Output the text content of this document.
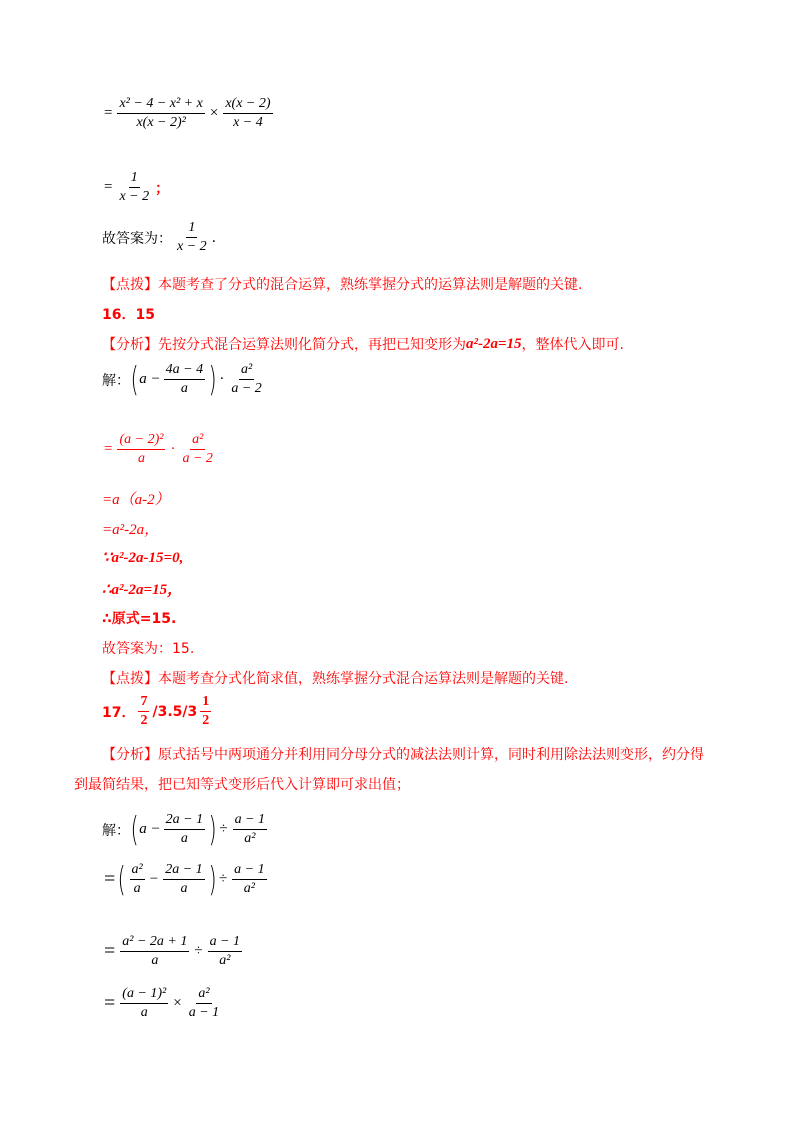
= $\frac{\text{x² − 4 − x² + x}}{\text{x(x − 2)²}} \times \frac{x(x - 2)}{x - 4}$
= $\frac{1}{x - 2}$ ；
故答案为： $\frac{1}{x - 2}$ .
【点拨】本题考查了分式的混合运算，熟练掌握分式的运算法则是解题的关键.
16．15
【分析】先按分式混合运算法则化简分式，再把已知变形为 a²-2a=15 ，整体代入即可.
解： ( $a - \frac{4a - 4}{a}$ ) · $\frac{\text{a²}}{a - 2}$
= $\frac{\text{(a − 2)²}}{a} \cdot \frac{\text{a²}}{a - 2}$
=a（a-2）
=a²-2a，
∵a²-2a-15=0,
∴a²-2a=15，
∴原式=15.
故答案为：15.
【点拨】本题考查分式化简求值，熟练掌握分式混合运算法则是解题的关键.
17． $\frac{7}{2} /3.5/3 \frac{1}{2}$
【分析】原式括号中两项通分并利用同分母分式的减法法则计算，同时利用除法法则变形，约分得到最简结果，把已知等式变形后代入计算即可求出值；
解： ( $a - \frac{2a - 1}{a}$ ) ÷ $\frac{a - 1}{\text{a²}}$
= ( $\frac{\text{a²}}{a} - \frac{2a - 1}{a}$ ) ÷ $\frac{a - 1}{\text{a²}}$
= $\frac{\text{a² − 2a + 1}}{a} \div \frac{a - 1}{\text{a²}}$
= $\frac{\text{(a − 1)²}}{a} \times \frac{\text{a²}}{a - 1}$
